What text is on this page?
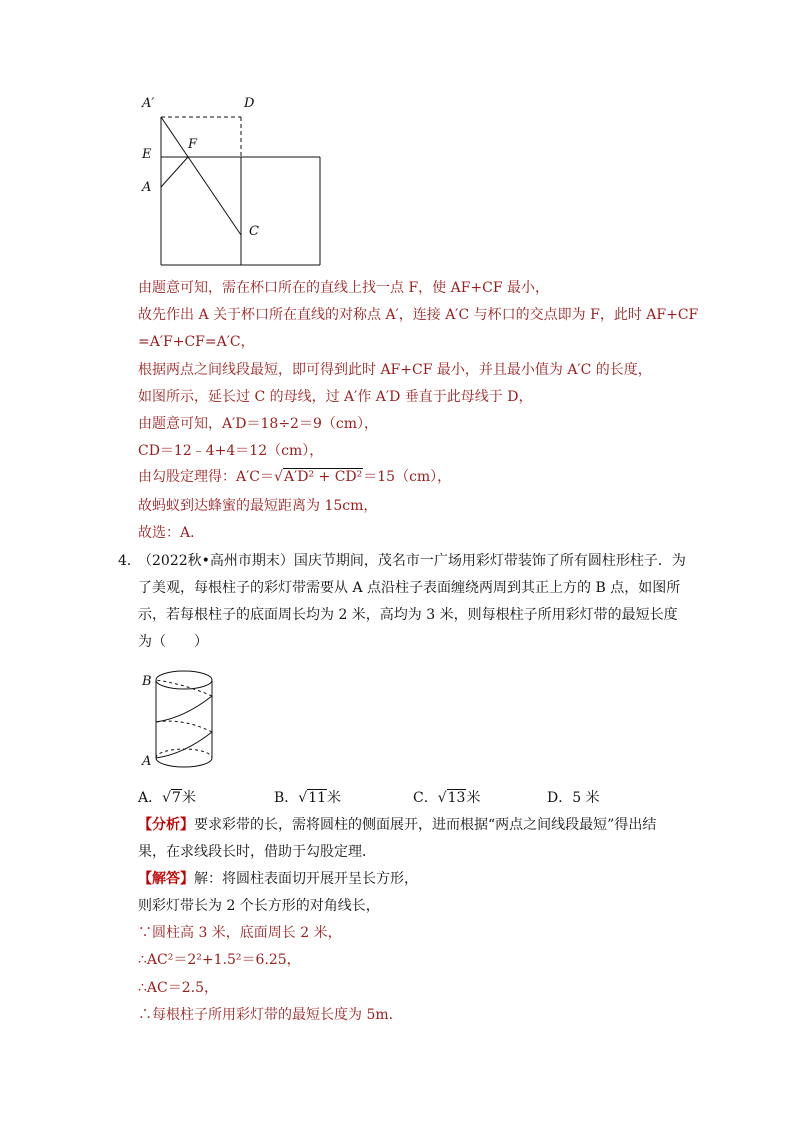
A′	D
E
F
A
C
由题意可知，需在杯口所在的直线上找一点 F，使 AF+CF 最小，
故先作出 A 关于杯口所在直线的对称点 A′，连接 A′C 与杯口的交点即为 F，此时 AF+CF
=A′F+CF=A′C，
根据两点之间线段最短，即可得到此时 AF+CF 最小，并且最小值为 A′C 的长度，
如图所示，延长过 C 的母线，过 A′作 A′D 垂直于此母线于 D，
由题意可知，A′D＝18÷2＝9（cm），
CD＝12﹣4+4＝12（cm），
由勾股定理得：A′C＝√A′D² + CD²＝15（cm），
故蚂蚁到达蜂蜜的最短距离为 15cm，
故选：A．
4．
（2022秋•高州市期末）国庆节期间，茂名市一广场用彩灯带装饰了所有圆柱形柱子．为
了美观，每根柱子的彩灯带需要从 A 点沿柱子表面缠绕两周到其正上方的 B 点，如图所
示，若每根柱子的底面周长均为 2 米，高均为 3 米，则每根柱子所用彩灯带的最短长度
为（　　）
B
A
A．√7米	B．√11米	C．√13米	D．5 米
【分析】要求彩带的长，需将圆柱的侧面展开，进而根据“两点之间线段最短”得出结
果，在求线段长时，借助于勾股定理．
【解答】解：将圆柱表面切开展开呈长方形，
则彩灯带长为 2 个长方形的对角线长，
∵圆柱高 3 米，底面周长 2 米，
∴AC²＝2²+1.5²＝6.25，
∴AC＝2.5，
∴每根柱子所用彩灯带的最短长度为 5m．
